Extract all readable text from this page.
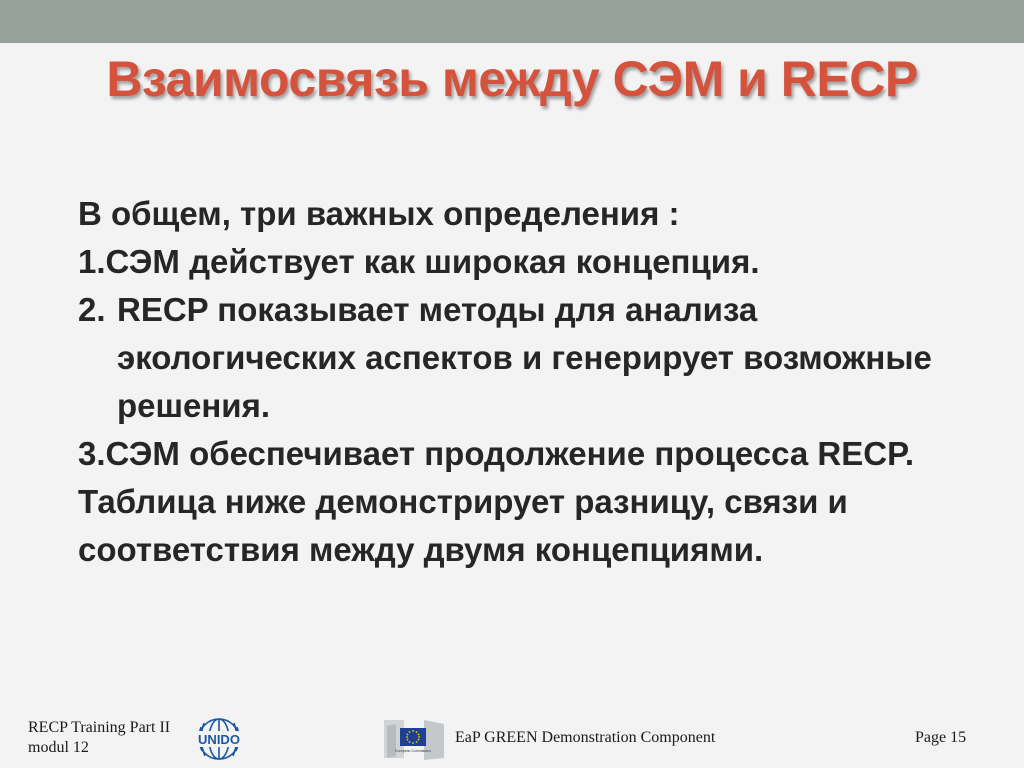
Взаимосвязь между СЭМ и RECP

В общем, три важных определения :

1.СЭМ действует как широкая концепция.

2. RECP показывает методы для анализа экологических аспектов и генерирует возможные решения.

3.СЭМ обеспечивает продолжение процесса RECP.

Таблица ниже демонстрирует разницу, связи и соответствия между двумя концепциями.

RECP Training Part II
modul 12	UNIDO
European Commission
EaP GREEN Demonstration Component	Page 15
